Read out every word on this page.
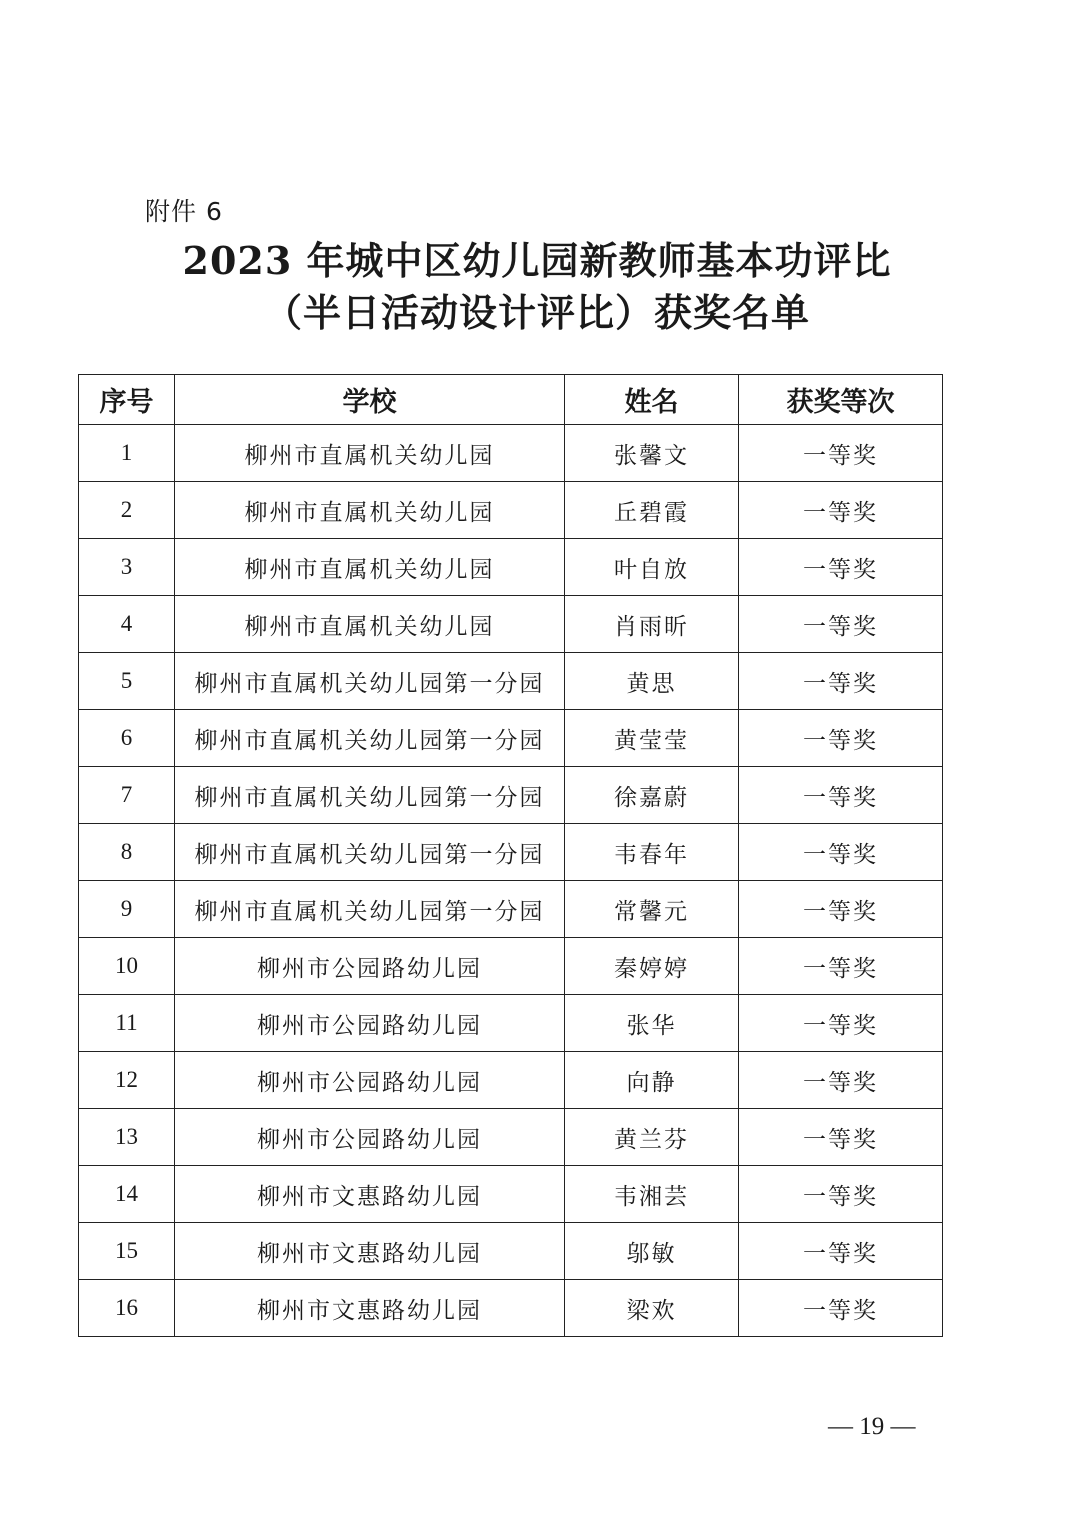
附件 6
2023 年城中区幼儿园新教师基本功评比
（半日活动设计评比）获奖名单
序号	学校	姓名	获奖等次
1	柳州市直属机关幼儿园	张馨文	一等奖
2	柳州市直属机关幼儿园	丘碧霞	一等奖
3	柳州市直属机关幼儿园	叶自放	一等奖
4	柳州市直属机关幼儿园	肖雨昕	一等奖
5	柳州市直属机关幼儿园第一分园	黄思	一等奖
6	柳州市直属机关幼儿园第一分园	黄莹莹	一等奖
7	柳州市直属机关幼儿园第一分园	徐嘉蔚	一等奖
8	柳州市直属机关幼儿园第一分园	韦春年	一等奖
9	柳州市直属机关幼儿园第一分园	常馨元	一等奖
10	柳州市公园路幼儿园	秦婷婷	一等奖
11	柳州市公园路幼儿园	张华	一等奖
12	柳州市公园路幼儿园	向静	一等奖
13	柳州市公园路幼儿园	黄兰芬	一等奖
14	柳州市文惠路幼儿园	韦湘芸	一等奖
15	柳州市文惠路幼儿园	邬敏	一等奖
16	柳州市文惠路幼儿园	梁欢	一等奖
— 19 —
